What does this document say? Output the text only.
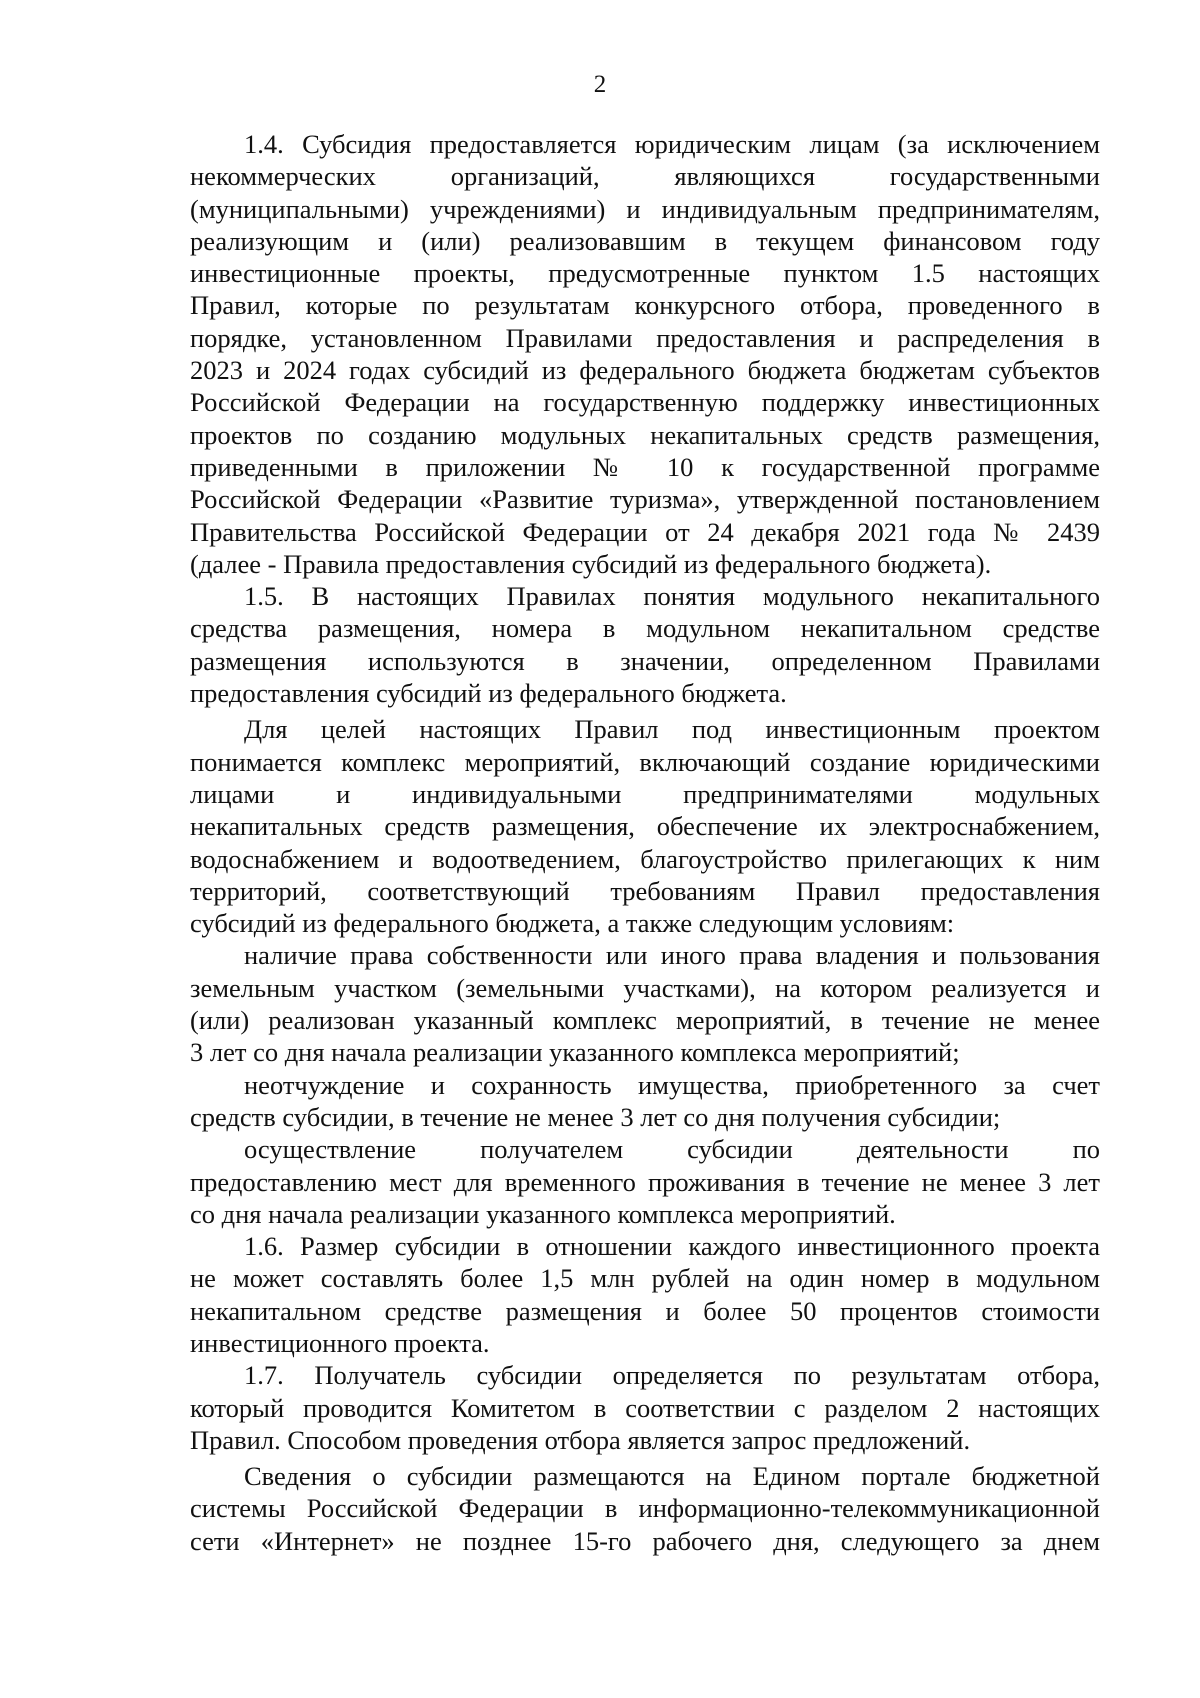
2
1.4. Субсидия предоставляется юридическим лицам (за исключением
некоммерческих организаций, являющихся государственными
(муниципальными) учреждениями) и индивидуальным предпринимателям,
реализующим и (или) реализовавшим в текущем финансовом году
инвестиционные проекты, предусмотренные пунктом 1.5 настоящих
Правил, которые по результатам конкурсного отбора, проведенного в
порядке, установленном Правилами предоставления и распределения в
2023 и 2024 годах субсидий из федерального бюджета бюджетам субъектов
Российской Федерации на государственную поддержку инвестиционных
проектов по созданию модульных некапитальных средств размещения,
приведенными в приложении № 10 к государственной программе
Российской Федерации «Развитие туризма», утвержденной постановлением
Правительства Российской Федерации от 24 декабря 2021 года № 2439
(далее - Правила предоставления субсидий из федерального бюджета).
1.5. В настоящих Правилах понятия модульного некапитального
средства размещения, номера в модульном некапитальном средстве
размещения используются в значении, определенном Правилами
предоставления субсидий из федерального бюджета.
Для целей настоящих Правил под инвестиционным проектом
понимается комплекс мероприятий, включающий создание юридическими
лицами и индивидуальными предпринимателями модульных
некапитальных средств размещения, обеспечение их электроснабжением,
водоснабжением и водоотведением, благоустройство прилегающих к ним
территорий, соответствующий требованиям Правил предоставления
субсидий из федерального бюджета, а также следующим условиям:
наличие права собственности или иного права владения и пользования
земельным участком (земельными участками), на котором реализуется и
(или) реализован указанный комплекс мероприятий, в течение не менее
3 лет со дня начала реализации указанного комплекса мероприятий;
неотчуждение и сохранность имущества, приобретенного за счет
средств субсидии, в течение не менее 3 лет со дня получения субсидии;
осуществление получателем субсидии деятельности по
предоставлению мест для временного проживания в течение не менее 3 лет
со дня начала реализации указанного комплекса мероприятий.
1.6. Размер субсидии в отношении каждого инвестиционного проекта
не может составлять более 1,5 млн рублей на один номер в модульном
некапитальном средстве размещения и более 50 процентов стоимости
инвестиционного проекта.
1.7. Получатель субсидии определяется по результатам отбора,
который проводится Комитетом в соответствии с разделом 2 настоящих
Правил. Способом проведения отбора является запрос предложений.
Сведения о субсидии размещаются на Едином портале бюджетной
системы Российской Федерации в информационно-телекоммуникационной
сети «Интернет» не позднее 15-го рабочего дня, следующего за днем
